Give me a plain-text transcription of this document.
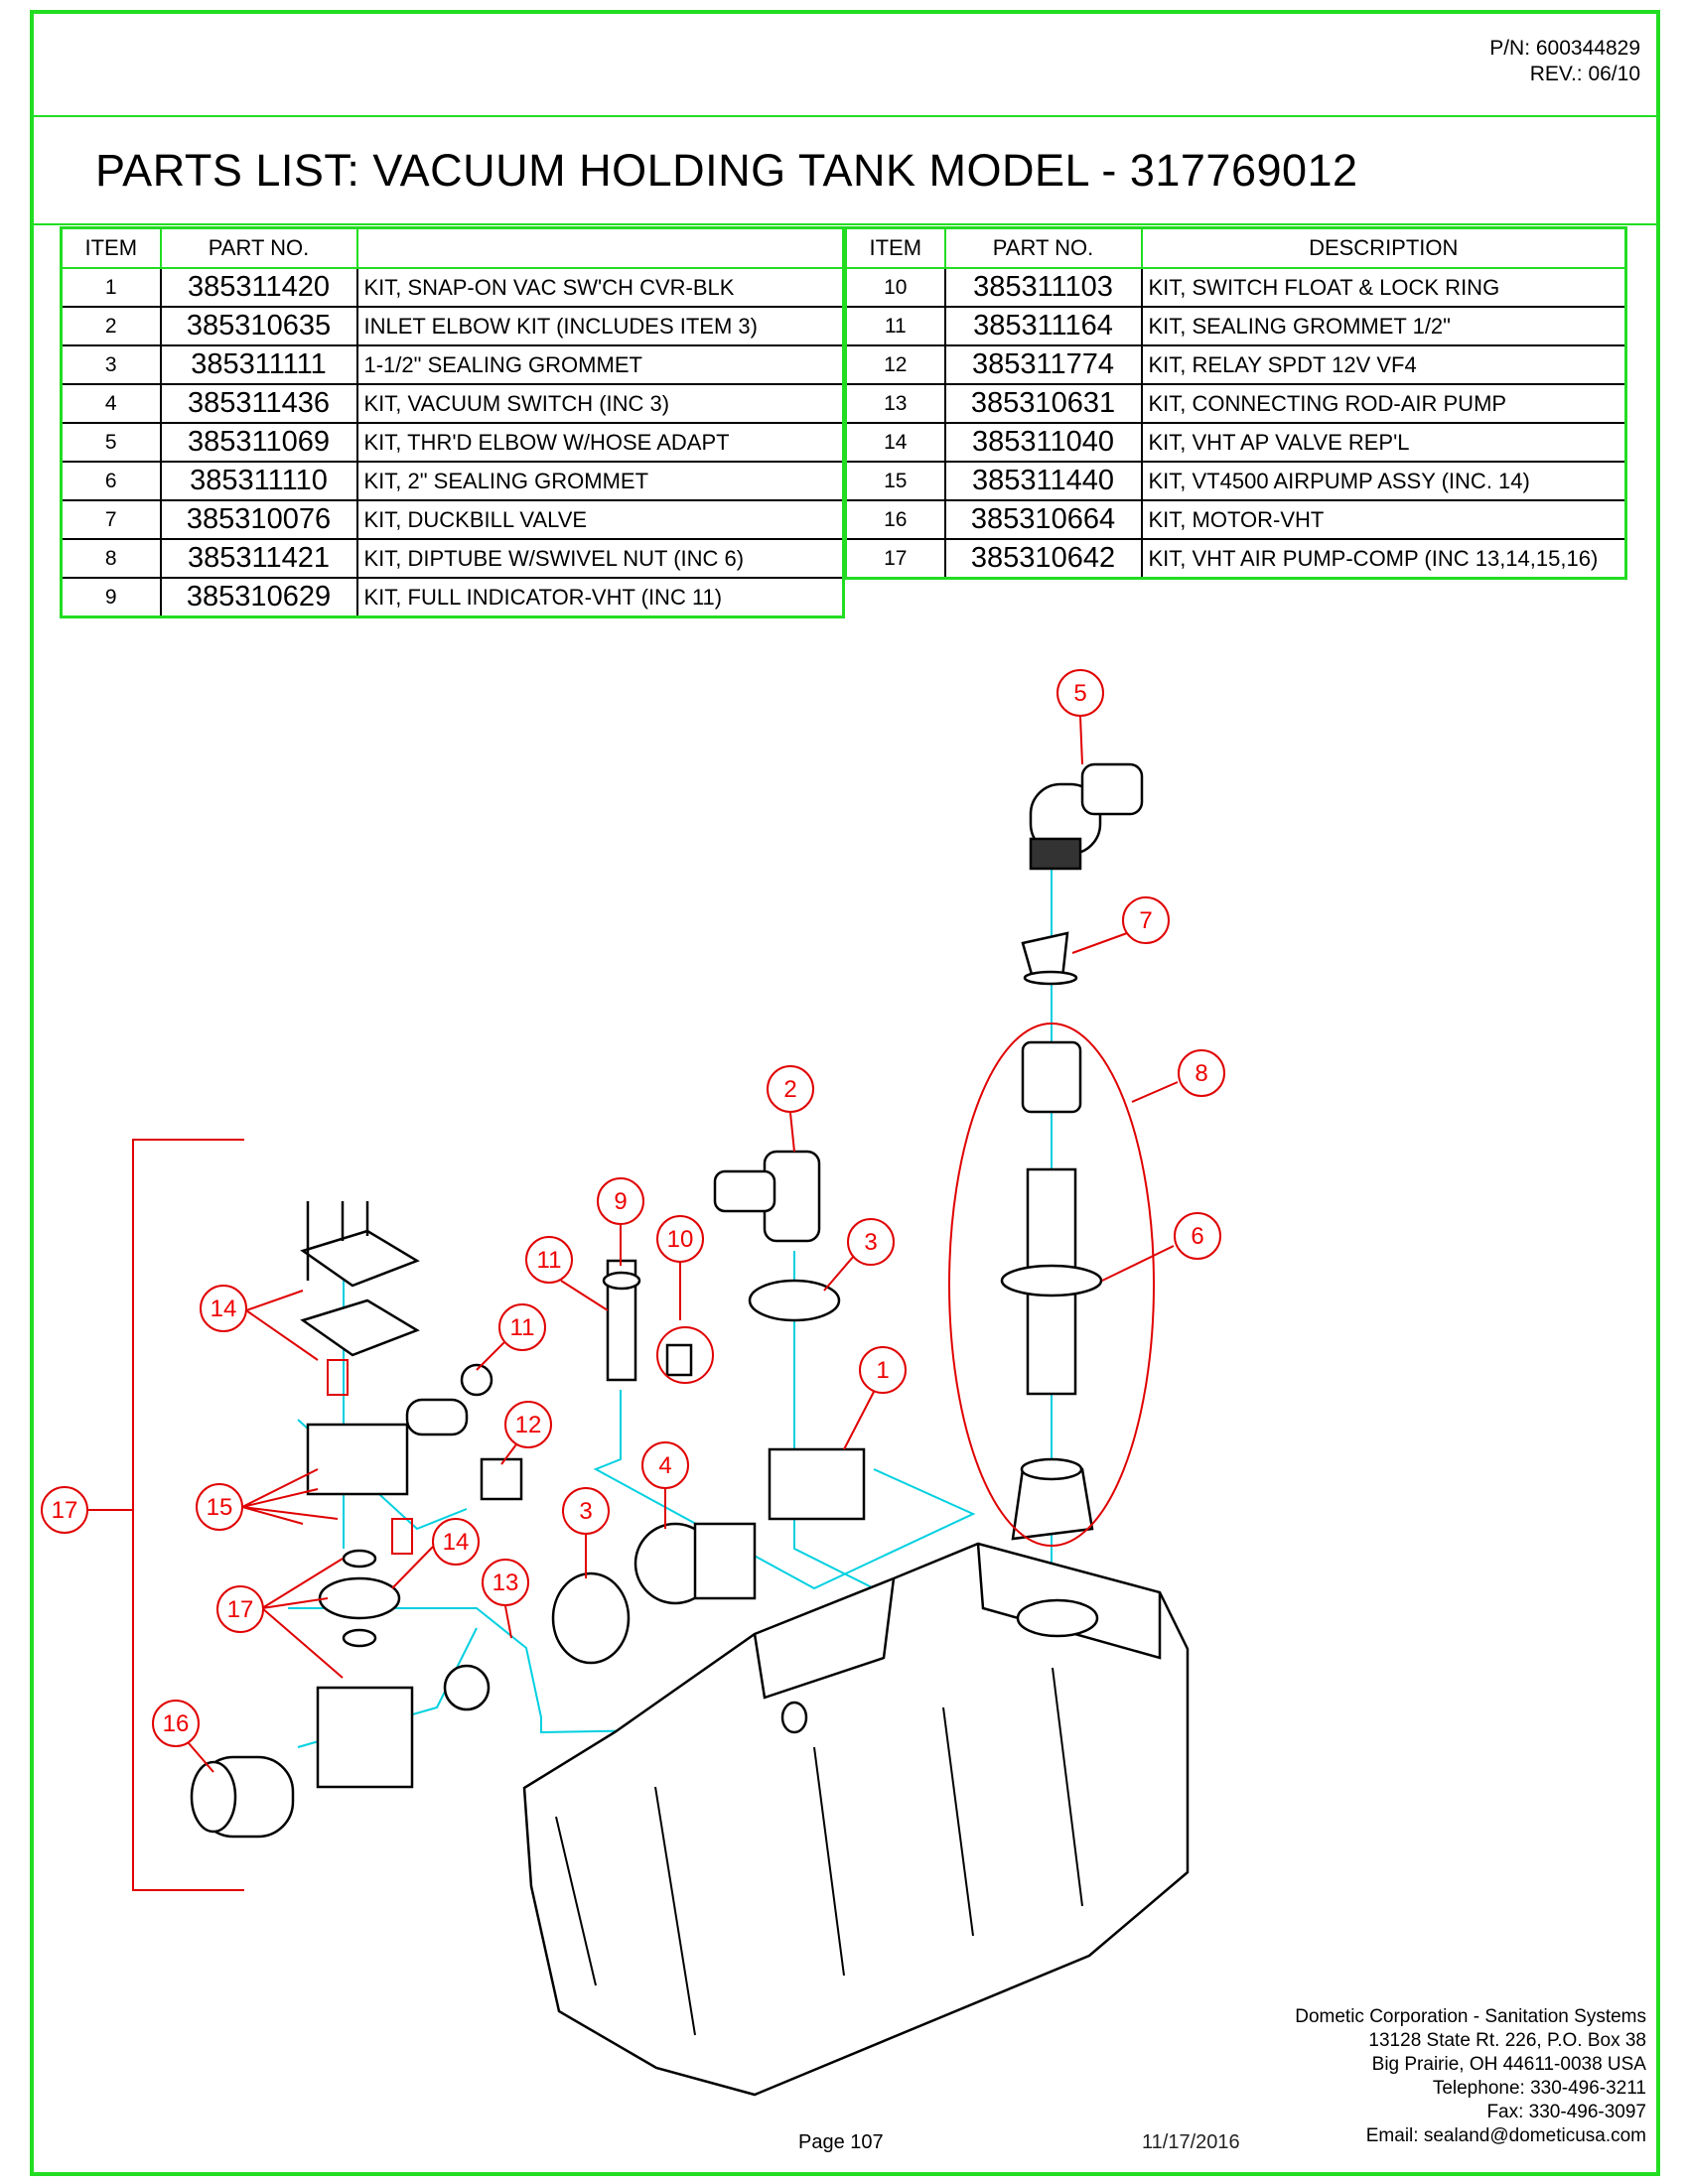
P/N: 600344829
REV.: 06/10
PARTS LIST: VACUUM HOLDING TANK MODEL - 317769012
ITEM	PART NO.	
1	385311420	KIT, SNAP-ON VAC SW'CH CVR-BLK
2	385310635	INLET ELBOW KIT (INCLUDES ITEM 3)
3	385311111	1-1/2" SEALING GROMMET
4	385311436	KIT, VACUUM SWITCH (INC 3)
5	385311069	KIT, THR'D ELBOW W/HOSE ADAPT
6	385311110	KIT, 2" SEALING GROMMET
7	385310076	KIT, DUCKBILL VALVE
8	385311421	KIT, DIPTUBE W/SWIVEL NUT (INC 6)
9	385310629	KIT, FULL INDICATOR-VHT (INC 11)
ITEM	PART NO.	DESCRIPTION
10	385311103	KIT, SWITCH FLOAT & LOCK RING
11	385311164	KIT, SEALING GROMMET 1/2"
12	385311774	KIT, RELAY SPDT 12V VF4
13	385310631	KIT, CONNECTING ROD-AIR PUMP
14	385311040	KIT, VHT AP VALVE REP'L
15	385311440	KIT, VT4500 AIRPUMP ASSY (INC. 14)
16	385310664	KIT, MOTOR-VHT
17	385310642	KIT, VHT AIR PUMP-COMP (INC 13,14,15,16)
5
7
8
6
2
3
9
10
11
1
4
3
12
11
14
15
14
17
17
13
16
Dometic Corporation - Sanitation Systems
13128 State Rt. 226, P.O. Box 38
Big Prairie, OH 44611-0038 USA
Telephone: 330-496-3211
Fax: 330-496-3097
Email: sealand@dometicusa.com
Page 107	11/17/2016
